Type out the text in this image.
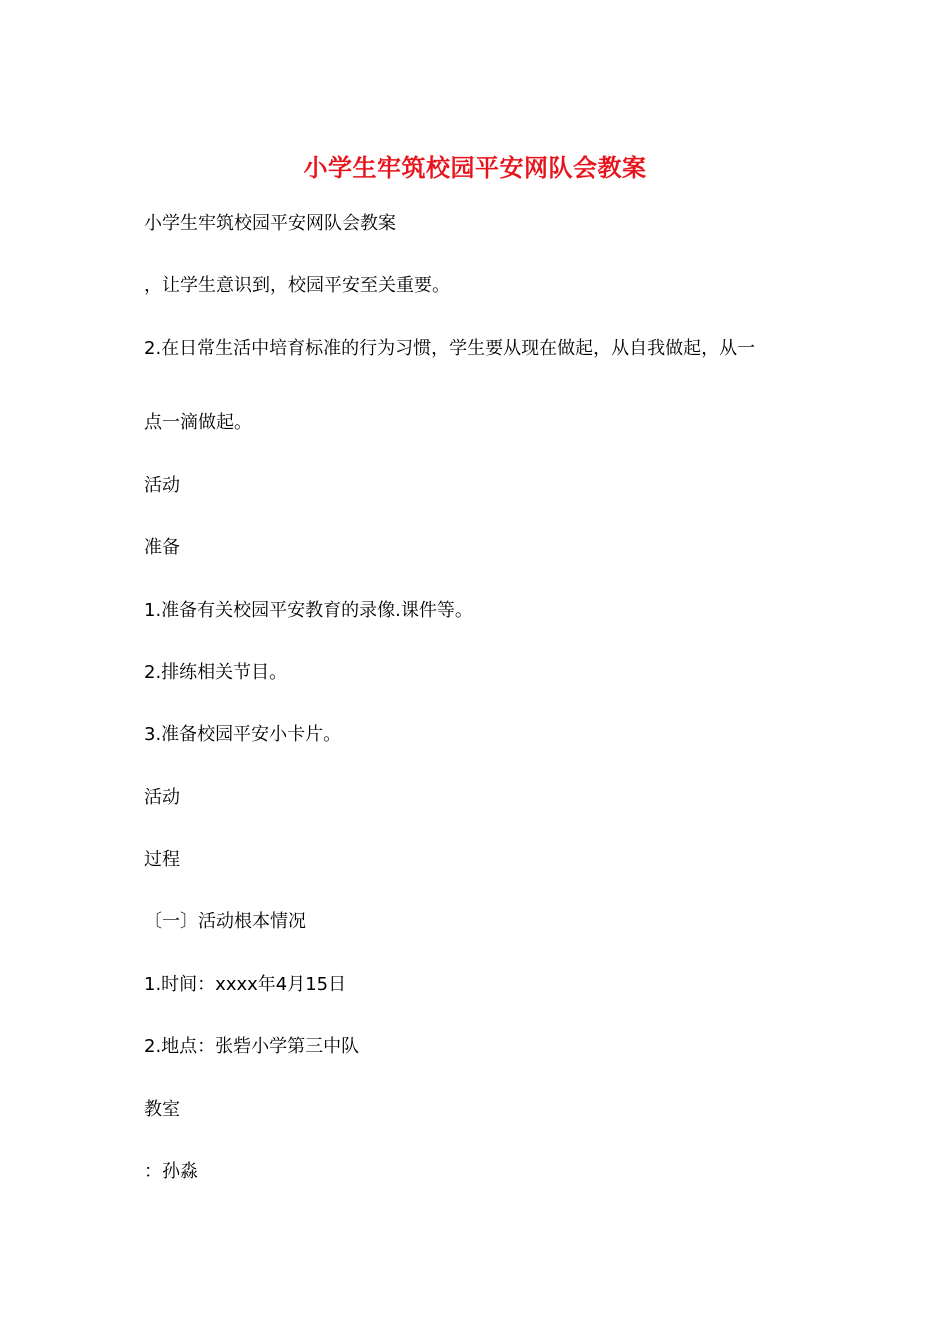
小学生牢筑校园平安网队会教案
小学生牢筑校园平安网队会教案
，让学生意识到，校园平安至关重要。
2.在日常生活中培育标准的行为习惯，学生要从现在做起，从自我做起，从一
点一滴做起。
活动
准备
1.准备有关校园平安教育的录像.课件等。
2.排练相关节目。
3.准备校园平安小卡片。
活动
过程
〔一〕活动根本情况
1.时间：xxxx年4月15日
2.地点：张砦小学第三中队
教室
：孙淼
